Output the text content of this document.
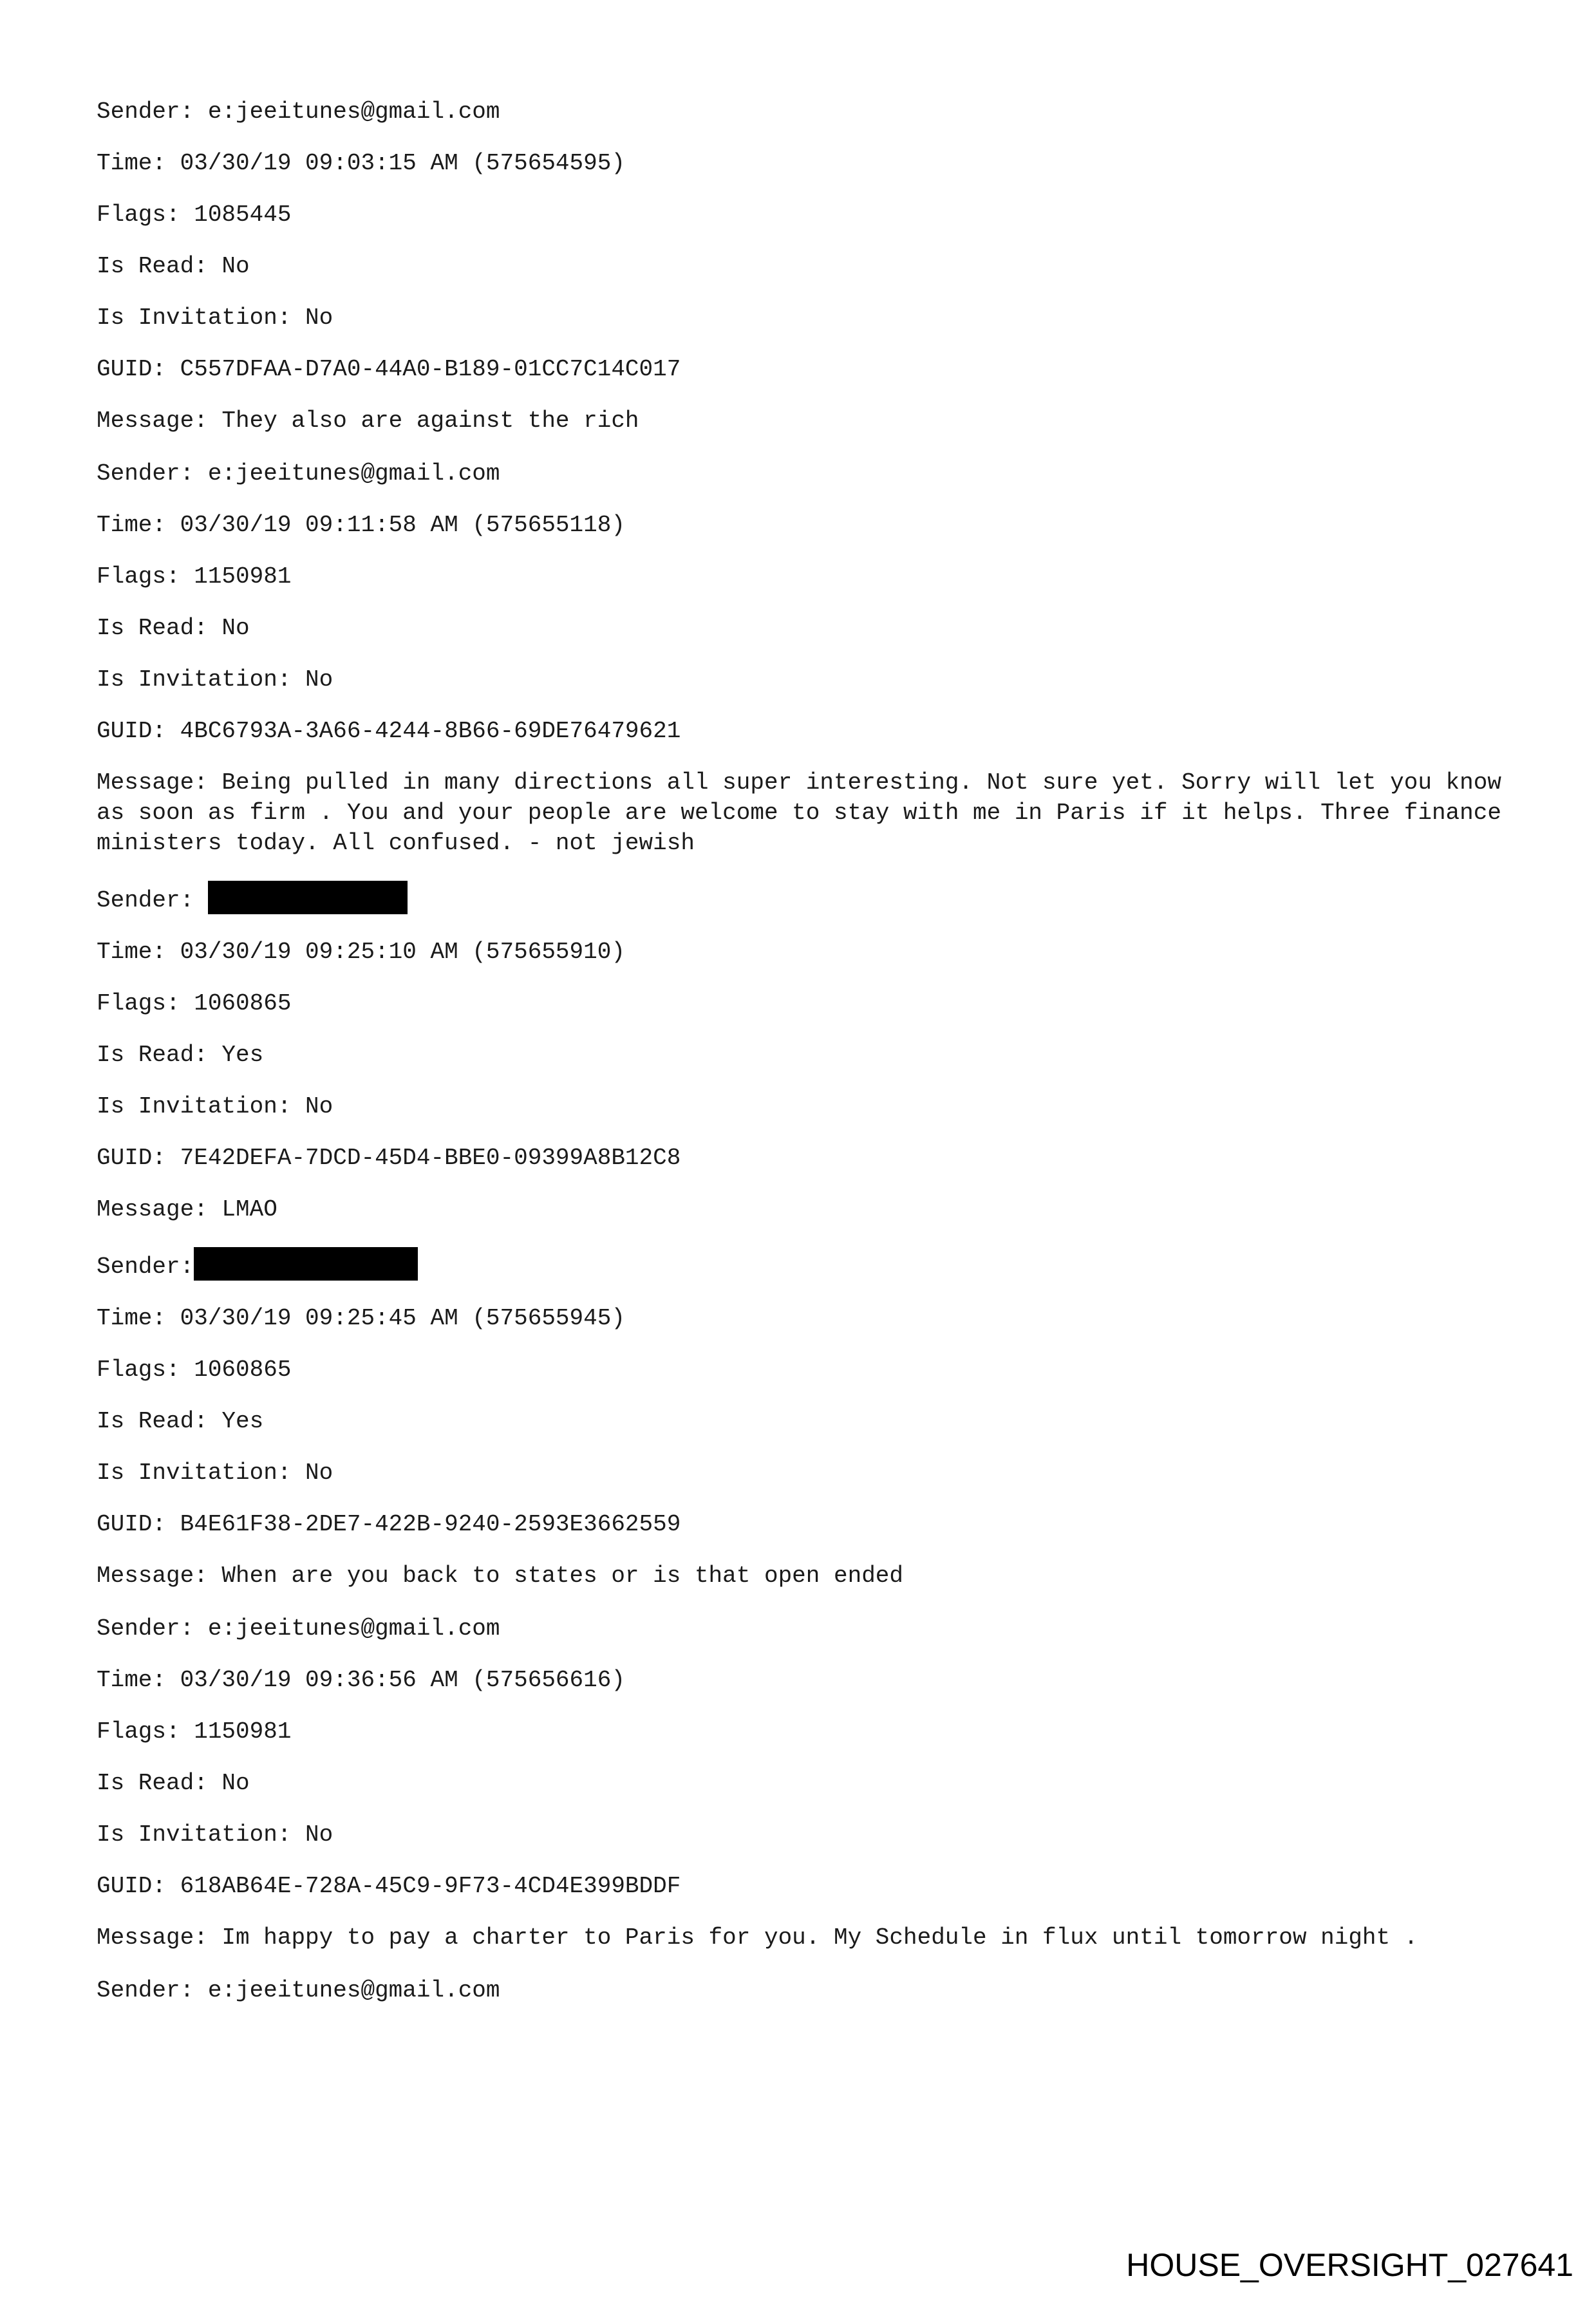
Sender: e:jeeitunes@gmail.com
Time: 03/30/19 09:03:15 AM (575654595)
Flags: 1085445
Is Read: No
Is Invitation: No
GUID: C557DFAA-D7A0-44A0-B189-01CC7C14C017
Message: They also are against the rich
Sender: e:jeeitunes@gmail.com
Time: 03/30/19 09:11:58 AM (575655118)
Flags: 1150981
Is Read: No
Is Invitation: No
GUID: 4BC6793A-3A66-4244-8B66-69DE76479621
Message: Being pulled in many directions all super interesting. Not sure yet. Sorry will let you know as soon as firm . You and your people are welcome to stay with me in Paris if it helps. Three finance ministers today. All confused. - not jewish
Sender:
Time: 03/30/19 09:25:10 AM (575655910)
Flags: 1060865
Is Read: Yes
Is Invitation: No
GUID: 7E42DEFA-7DCD-45D4-BBE0-09399A8B12C8
Message: LMAO
Sender:
Time: 03/30/19 09:25:45 AM (575655945)
Flags: 1060865
Is Read: Yes
Is Invitation: No
GUID: B4E61F38-2DE7-422B-9240-2593E3662559
Message: When are you back to states or is that open ended
Sender: e:jeeitunes@gmail.com
Time: 03/30/19 09:36:56 AM (575656616)
Flags: 1150981
Is Read: No
Is Invitation: No
GUID: 618AB64E-728A-45C9-9F73-4CD4E399BDDF
Message: Im happy to pay a charter to Paris for you. My Schedule in flux until tomorrow night .
Sender: e:jeeitunes@gmail.com
HOUSE_OVERSIGHT_027641
